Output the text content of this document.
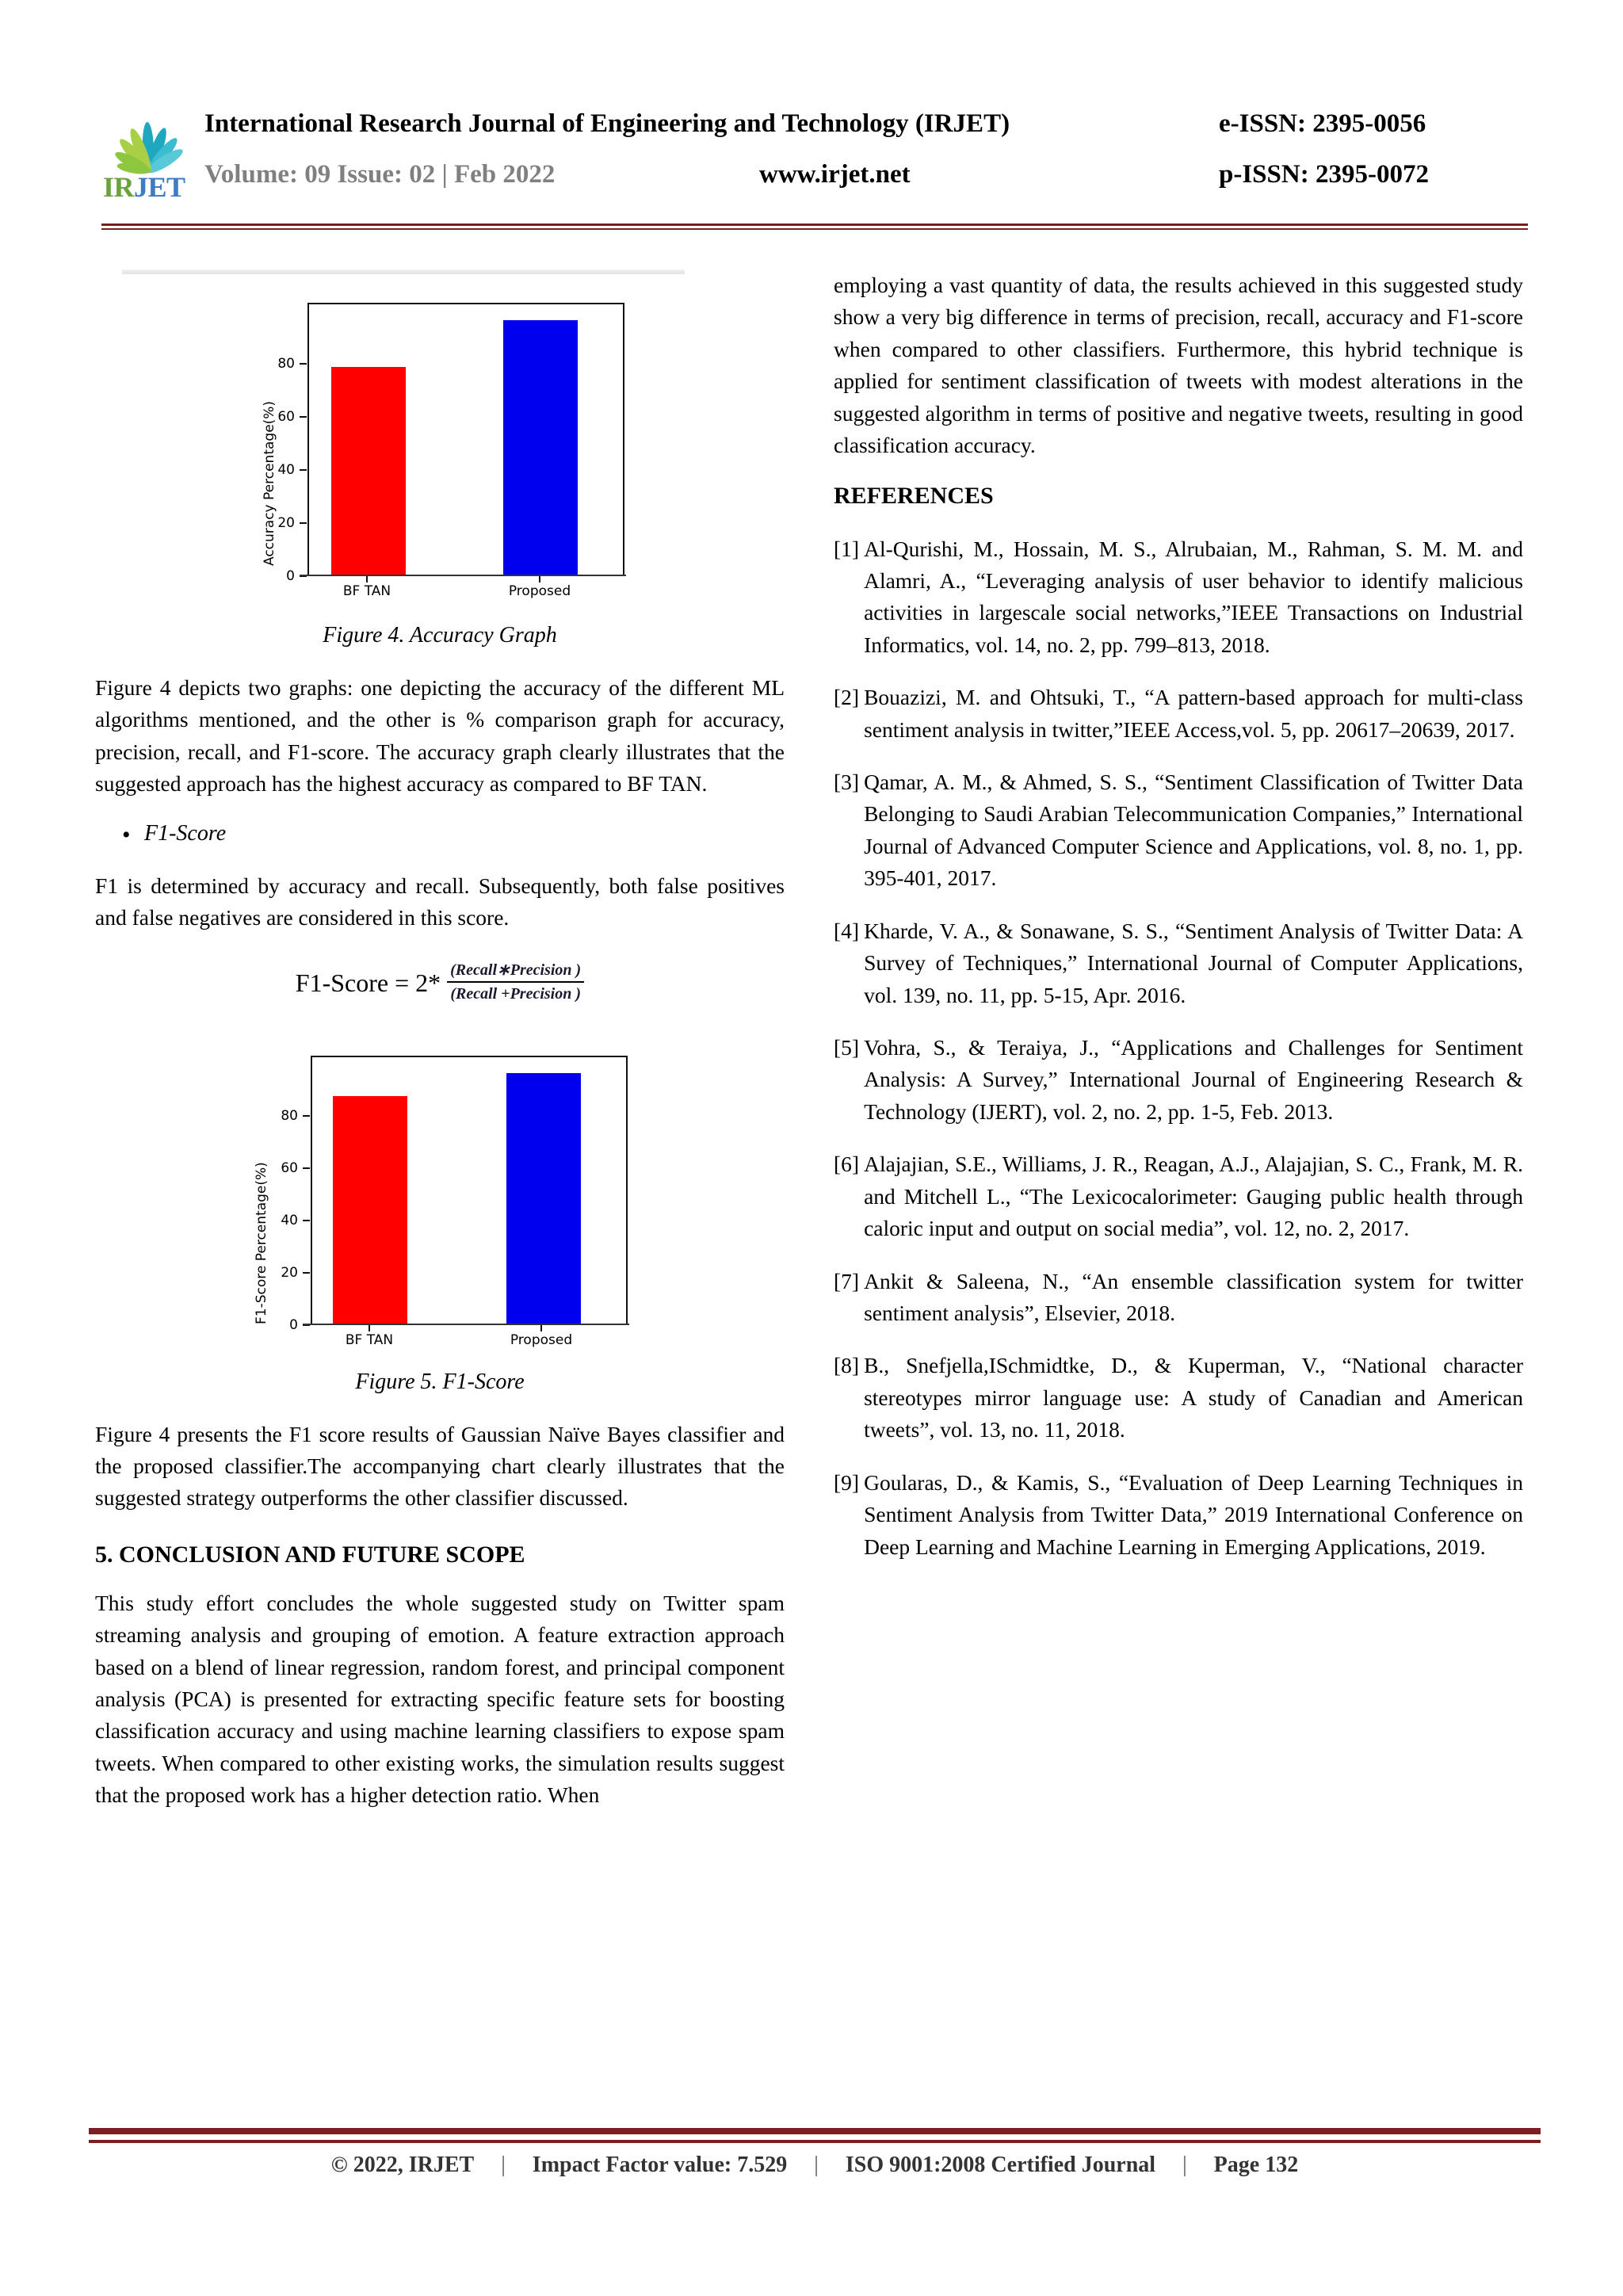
IRJET
International Research Journal of Engineering and Technology (IRJET)	e-ISSN: 2395-0056
Volume: 09 Issue: 02 | Feb 2022	www.irjet.net	p-ISSN: 2395-0072
Accuracy Percentage(%)
0
20
40
60
80
BF TAN	Proposed
Figure 4. Accuracy Graph

Figure 4 depicts two graphs: one depicting the accuracy of the different ML algorithms mentioned, and the other is % comparison graph for accuracy, precision, recall, and F1-score. The accuracy graph clearly illustrates that the suggested approach has the highest accuracy as compared to BF TAN.

• F1-Score

F1 is determined by accuracy and recall. Subsequently, both false positives and false negatives are considered in this score.

F1-Score = $2* \frac{\text{(Recall∗Precision )}}{\text{(Recall +Precision )}}$
F1-Score Percentage(%)
0
20
40
60
80
BF TAN	Proposed
Figure 5. F1-Score

Figure 4 presents the F1 score results of Gaussian Naïve Bayes classifier and the proposed classifier.The accompanying chart clearly illustrates that the suggested strategy outperforms the other classifier discussed.

5. CONCLUSION AND FUTURE SCOPE

This study effort concludes the whole suggested study on Twitter spam streaming analysis and grouping of emotion. A feature extraction approach based on a blend of linear regression, random forest, and principal component analysis (PCA) is presented for extracting specific feature sets for boosting classification accuracy and using machine learning classifiers to expose spam tweets. When compared to other existing works, the simulation results suggest that the proposed work has a higher detection ratio. When

employing a vast quantity of data, the results achieved in this suggested study show a very big difference in terms of precision, recall, accuracy and F1-score when compared to other classifiers. Furthermore, this hybrid technique is applied for sentiment classification of tweets with modest alterations in the suggested algorithm in terms of positive and negative tweets, resulting in good classification accuracy.

REFERENCES
[1] Al-Qurishi, M., Hossain, M. S., Alrubaian, M., Rahman, S. M. M. and Alamri, A., “Leveraging analysis of user behavior to identify malicious activities in largescale social networks,”IEEE Transactions on Industrial Informatics, vol. 14, no. 2, pp. 799–813, 2018.
[2] Bouazizi, M. and Ohtsuki, T., “A pattern-based approach for multi-class sentiment analysis in twitter,”IEEE Access,vol. 5, pp. 20617–20639, 2017.
[3] Qamar, A. M., & Ahmed, S. S., “Sentiment Classification of Twitter Data Belonging to Saudi Arabian Telecommunication Companies,” International Journal of Advanced Computer Science and Applications, vol. 8, no. 1, pp. 395-401, 2017.
[4] Kharde, V. A., & Sonawane, S. S., “Sentiment Analysis of Twitter Data: A Survey of Techniques,” International Journal of Computer Applications, vol. 139, no. 11, pp. 5-15, Apr. 2016.
[5] Vohra, S., & Teraiya, J., “Applications and Challenges for Sentiment Analysis: A Survey,” International Journal of Engineering Research & Technology (IJERT), vol. 2, no. 2, pp. 1-5, Feb. 2013.
[6] Alajajian, S.E., Williams, J. R., Reagan, A.J., Alajajian, S. C., Frank, M. R. and Mitchell L., “The Lexicocalorimeter: Gauging public health through caloric input and output on social media”, vol. 12, no. 2, 2017.
[7] Ankit & Saleena, N., “An ensemble classification system for twitter sentiment analysis”, Elsevier, 2018.
[8] B., Snefjella,ISchmidtke, D., & Kuperman, V., “National character stereotypes mirror language use: A study of Canadian and American tweets”, vol. 13, no. 11, 2018.
[9] Goularas, D., & Kamis, S., “Evaluation of Deep Learning Techniques in Sentiment Analysis from Twitter Data,” 2019 International Conference on Deep Learning and Machine Learning in Emerging Applications, 2019.
© 2022, IRJET	|	Impact Factor value: 7.529	|	ISO 9001:2008 Certified Journal	|	Page 132
